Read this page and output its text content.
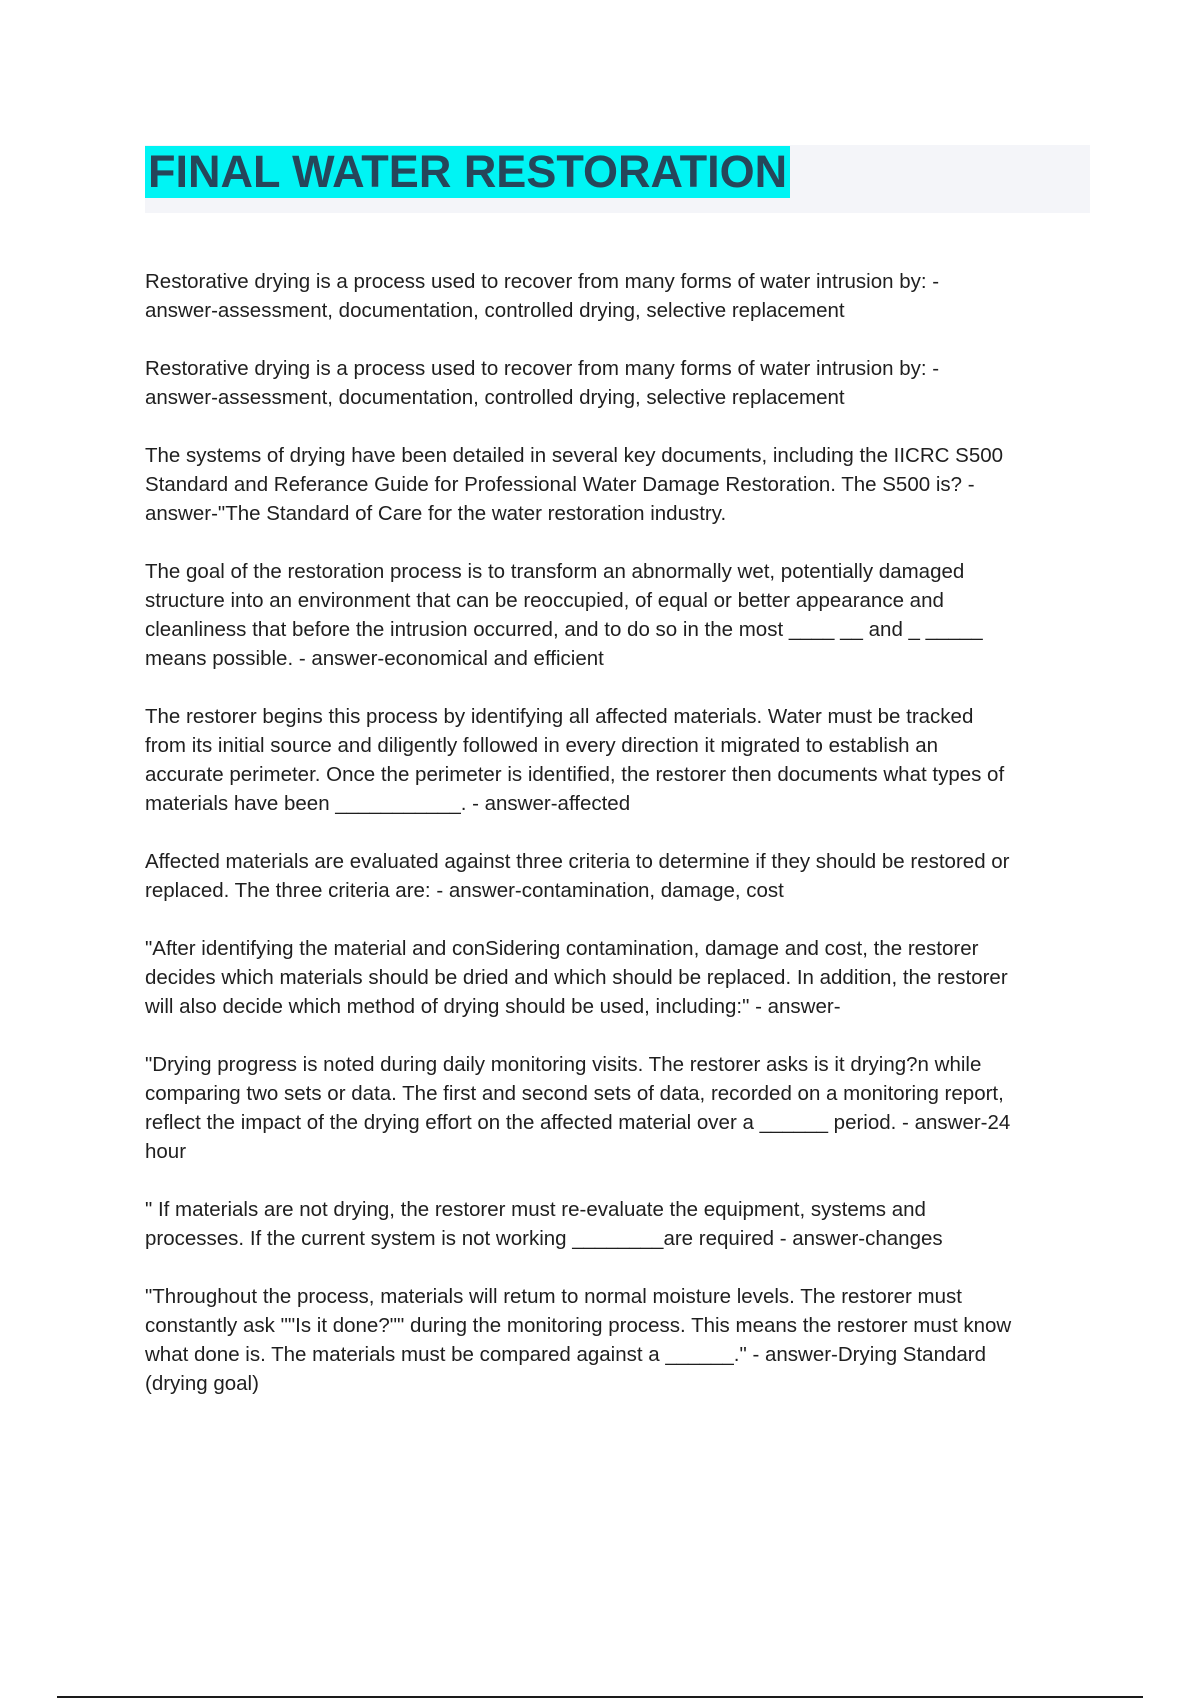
FINAL WATER RESTORATION
Restorative drying is a process used to recover from many forms of water intrusion by: -
answer-assessment, documentation, controlled drying, selective replacement
Restorative drying is a process used to recover from many forms of water intrusion by: -
answer-assessment, documentation, controlled drying, selective replacement
The systems of drying have been detailed in several key documents, including the IICRC S500
Standard and Referance Guide for Professional Water Damage Restoration. The S500 is? -
answer-"The Standard of Care for the water restoration industry.
The goal of the restoration process is to transform an abnormally wet, potentially damaged
structure into an environment that can be reoccupied, of equal or better appearance and
cleanliness that before the intrusion occurred, and to do so in the most ____ __ and _ _____
means possible. - answer-economical and efficient
The restorer begins this process by identifying all affected materials. Water must be tracked
from its initial source and diligently followed in every direction it migrated to establish an
accurate perimeter. Once the perimeter is identified, the restorer then documents what types of
materials have been ___________. - answer-affected
Affected materials are evaluated against three criteria to determine if they should be restored or
replaced. The three criteria are: - answer-contamination, damage, cost
"After identifying the material and conSidering contamination, damage and cost, the restorer
decides which materials should be dried and which should be replaced. In addition, the restorer
will also decide which method of drying should be used, including:" - answer-
"Drying progress is noted during daily monitoring visits. The restorer asks is it drying?n while
comparing two sets or data. The first and second sets of data, recorded on a monitoring report,
reflect the impact of the drying effort on the affected material over a ______ period. - answer-24
hour
" If materials are not drying, the restorer must re-evaluate the equipment, systems and
processes. If the current system is not working ________are required - answer-changes
"Throughout the process, materials will retum to normal moisture levels. The restorer must
constantly ask ""Is it done?"" during the monitoring process. This means the restorer must know
what done is. The materials must be compared against a ______." - answer-Drying Standard
(drying goal)
